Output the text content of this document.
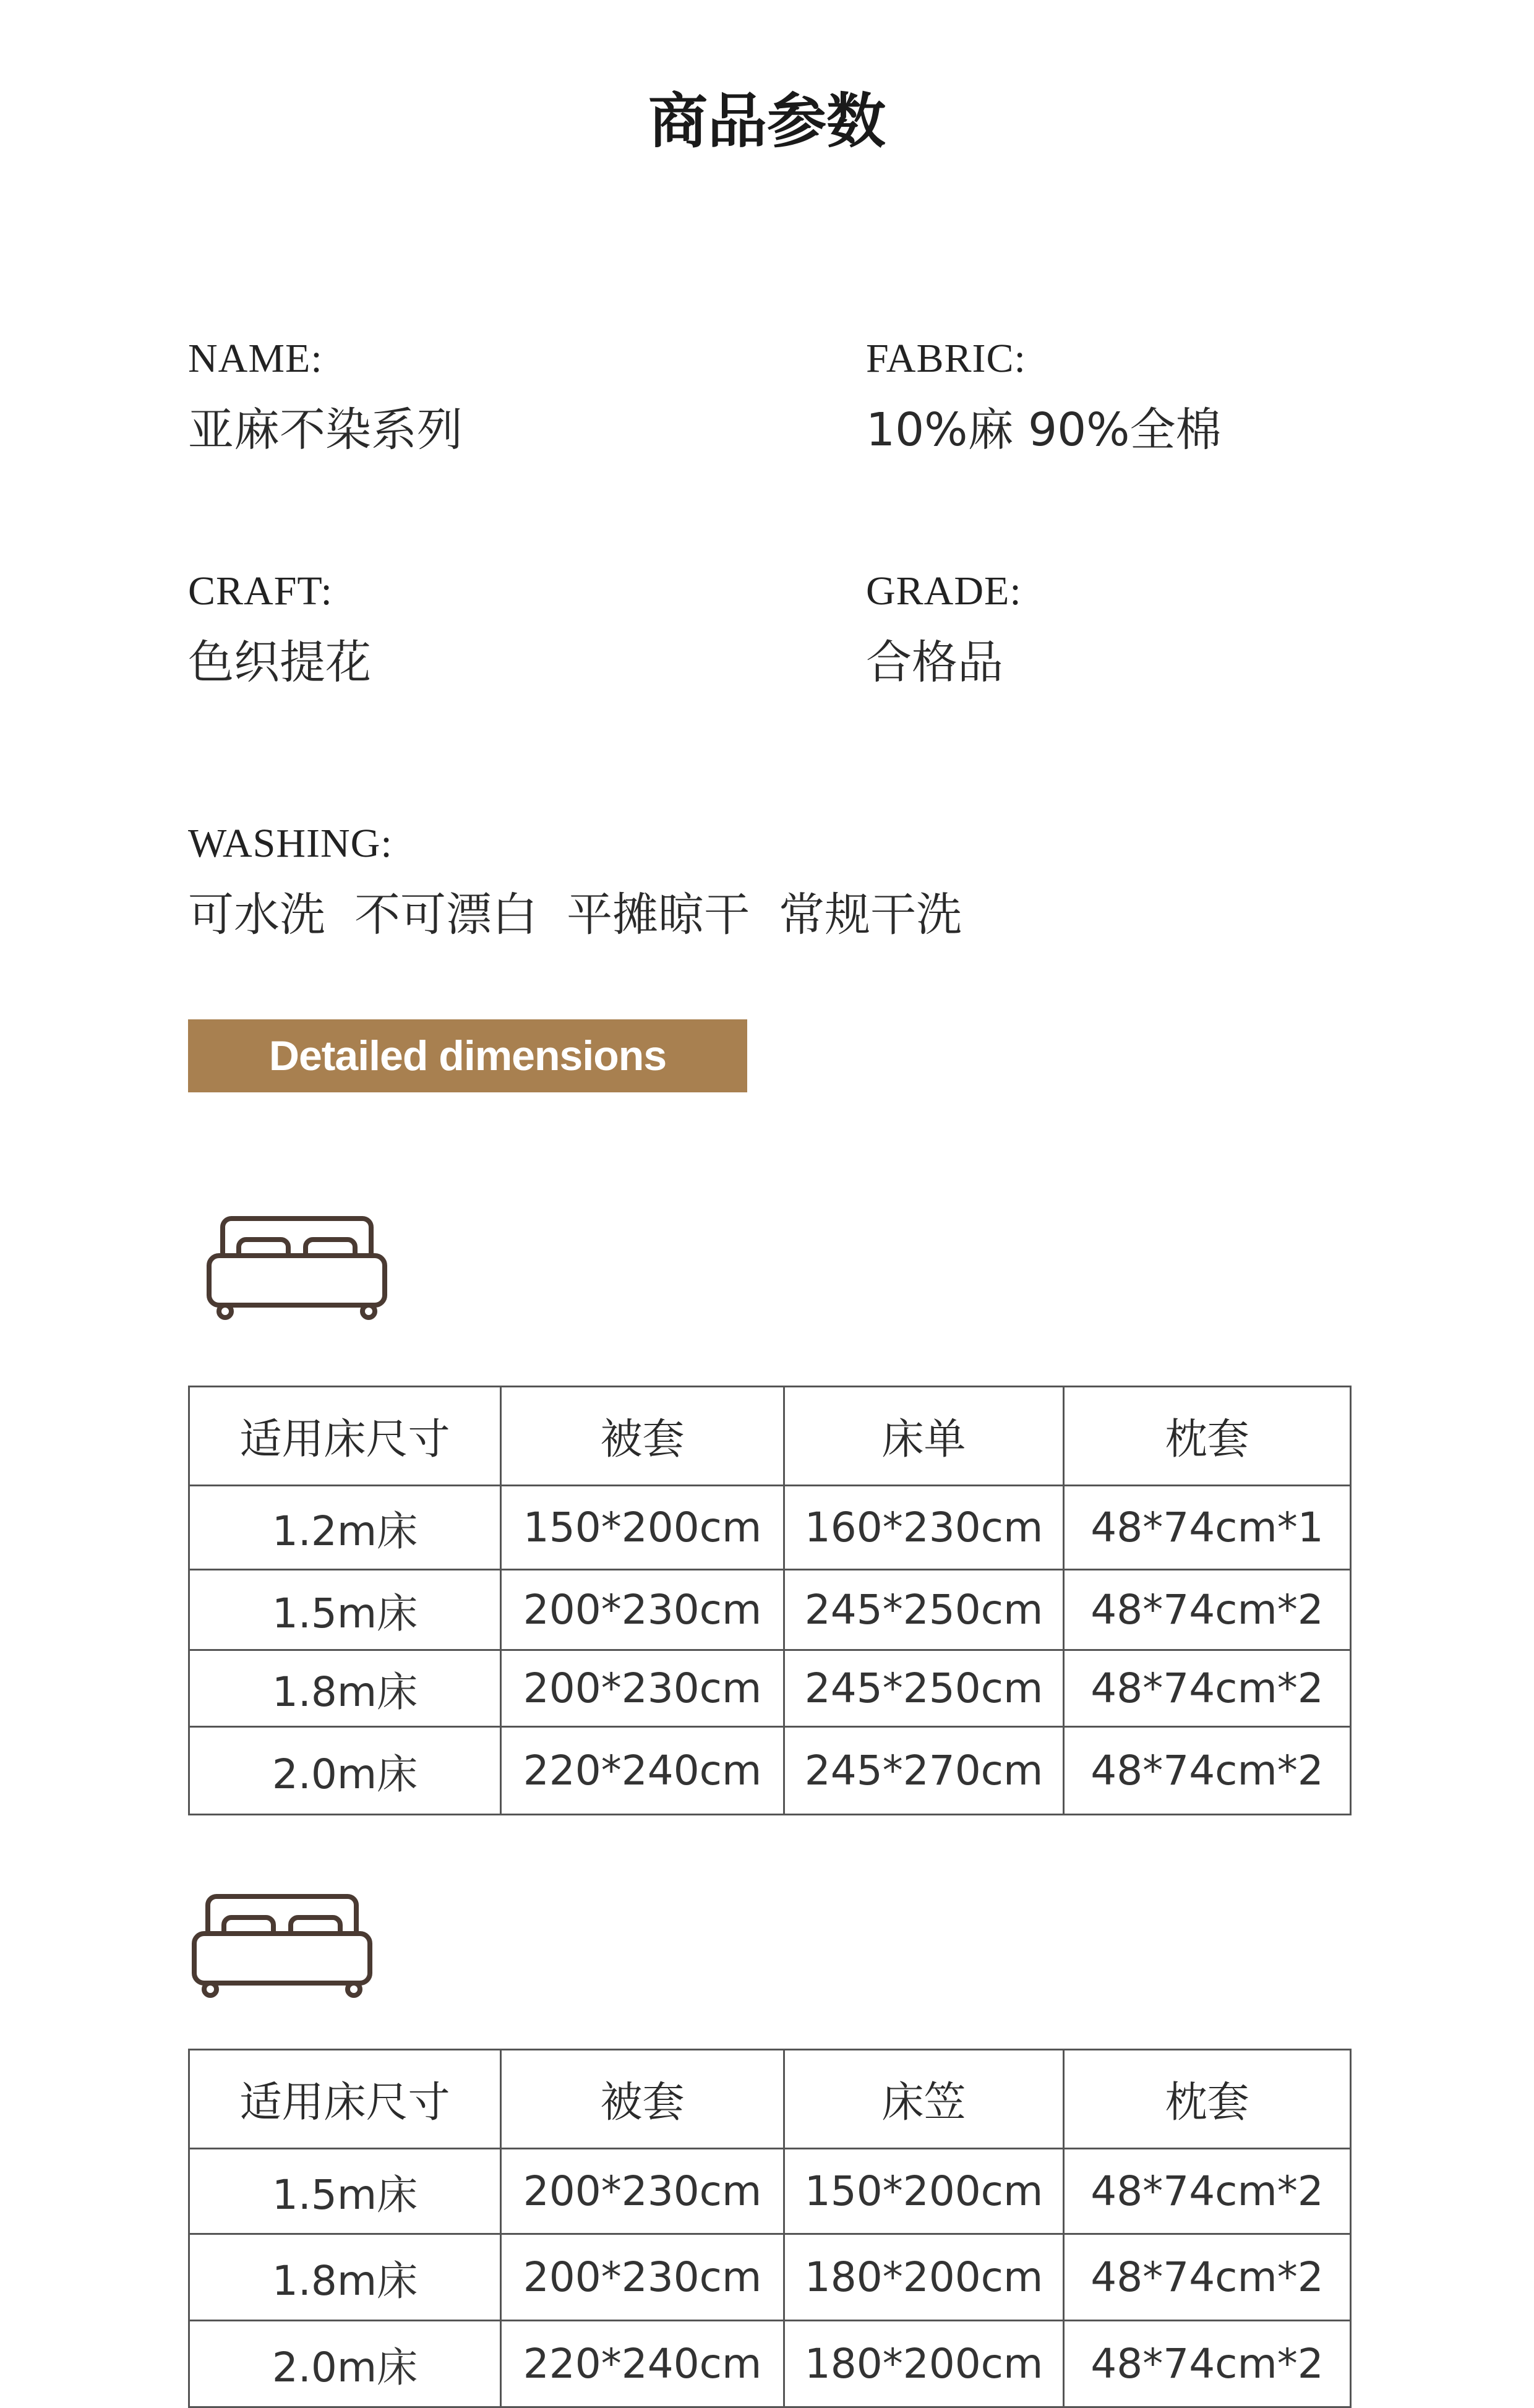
商品参数
NAME:
亚麻不染系列
FABRIC:
10%麻 90%全棉
CRAFT:
色织提花
GRADE:
合格品
WASHING:
可水洗  不可漂白  平摊晾干  常规干洗
Detailed dimensions
适用床尺寸	被套	床单	枕套
1.2m床	150*200cm	160*230cm	48*74cm*1
1.5m床	200*230cm	245*250cm	48*74cm*2
1.8m床	200*230cm	245*250cm	48*74cm*2
2.0m床	220*240cm	245*270cm	48*74cm*2
适用床尺寸	被套	床笠	枕套
1.5m床	200*230cm	150*200cm	48*74cm*2
1.8m床	200*230cm	180*200cm	48*74cm*2
2.0m床	220*240cm	180*200cm	48*74cm*2
